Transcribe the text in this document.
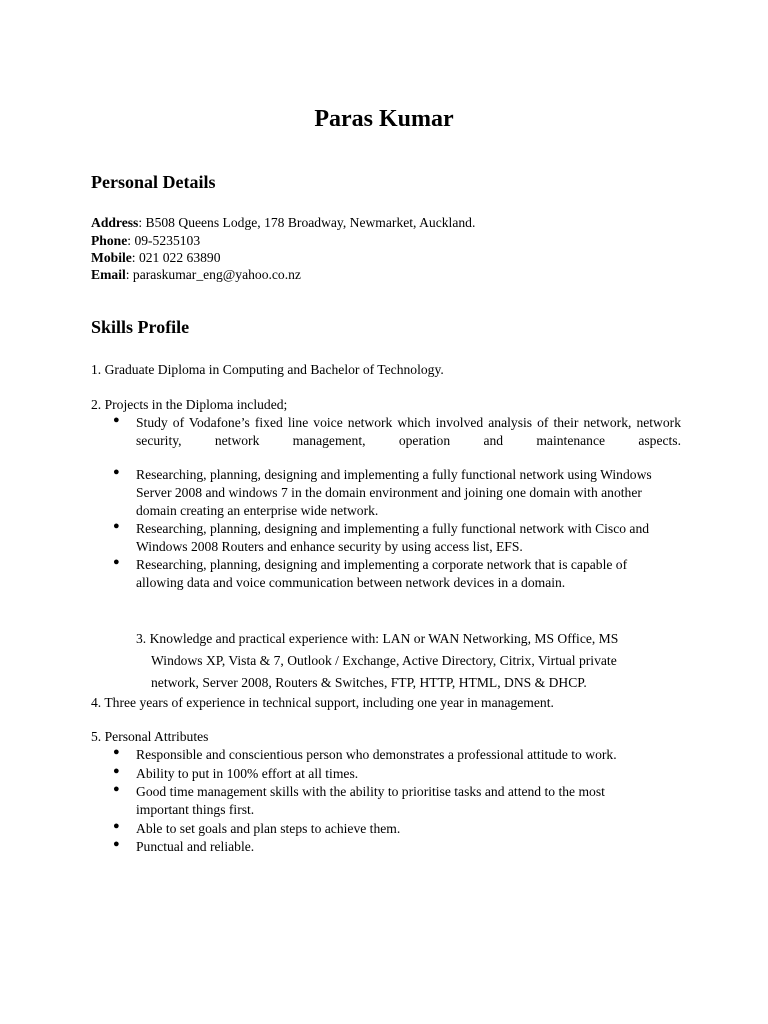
Paras Kumar
Personal Details
Address: B508 Queens Lodge, 178 Broadway, Newmarket, Auckland.
Phone: 09-5235103
Mobile: 021 022 63890
Email: paraskumar_eng@yahoo.co.nz
Skills Profile
1. Graduate Diploma in Computing and Bachelor of Technology.
2. Projects in the Diploma included;
● Study of Vodafone’s fixed line voice network which involved analysis of their network, network security, network management, operation and maintenance aspects.
● Researching, planning, designing and implementing a fully functional network using Windows Server 2008 and windows 7 in the domain environment and joining one domain with another domain creating an enterprise wide network.
● Researching, planning, designing and implementing a fully functional network with Cisco and Windows 2008 Routers and enhance security by using access list, EFS.
● Researching, planning, designing and implementing a corporate network that is capable of allowing data and voice communication between network devices in a domain.
3. Knowledge and practical experience with: LAN or WAN Networking, MS Office, MS
Windows XP, Vista & 7, Outlook / Exchange, Active Directory, Citrix, Virtual private
network, Server 2008, Routers & Switches, FTP, HTTP, HTML, DNS & DHCP.
4. Three years of experience in technical support, including one year in management.
5. Personal Attributes
● Responsible and conscientious person who demonstrates a professional attitude to work.
● Ability to put in 100% effort at all times.
● Good time management skills with the ability to prioritise tasks and attend to the most important things first.
● Able to set goals and plan steps to achieve them.
● Punctual and reliable.
